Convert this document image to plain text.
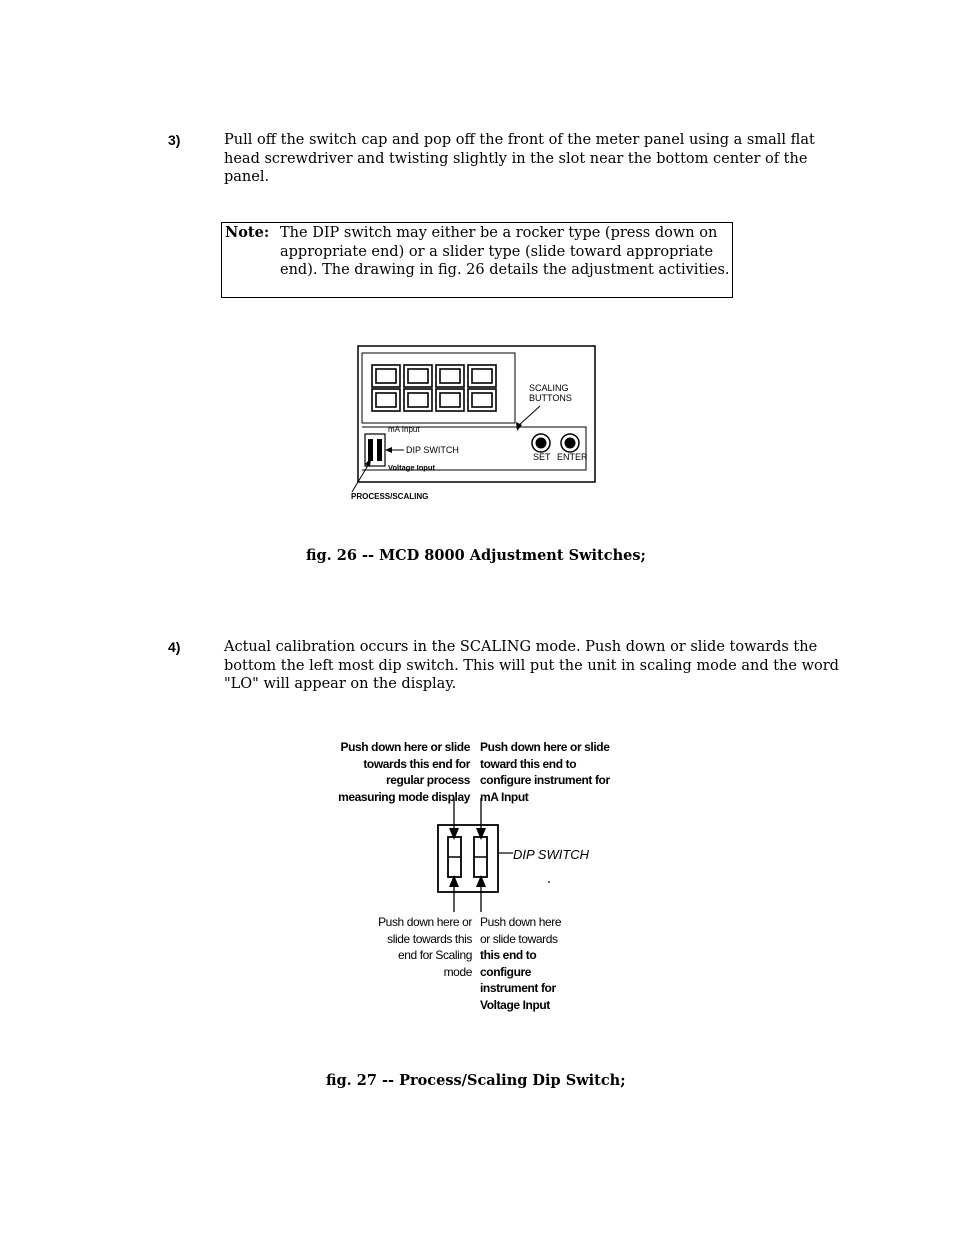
3)	Pull off the switch cap and pop off the front of the meter panel using a small flat head screwdriver and twisting slightly in the slot near the bottom center of the panel.
Note: The DIP switch may either be a rocker type (press down on appropriate end) or a slider type (slide toward appropriate end). The drawing in fig. 26 details the adjustment activities.
SCALING
BUTTONS
mA Input
DIP SWITCH
Voltage Input
SET ENTER
PROCESS/SCALING
fig. 26 -- MCD 8000 Adjustment Switches;
4)	Actual calibration occurs in the SCALING mode. Push down or slide towards the bottom the left most dip switch. This will put the unit in scaling mode and the word "LO" will appear on the display.
Push down here or slide
towards this end for
regular process
measuring mode display
Push down here or slide
toward this end to
configure instrument for
mA Input
DIP SWITCH
Push down here or
slide towards this
end for Scaling
mode
Push down here
or slide towards
this end to
configure
instrument for
Voltage Input
fig. 27 -- Process/Scaling Dip Switch;
